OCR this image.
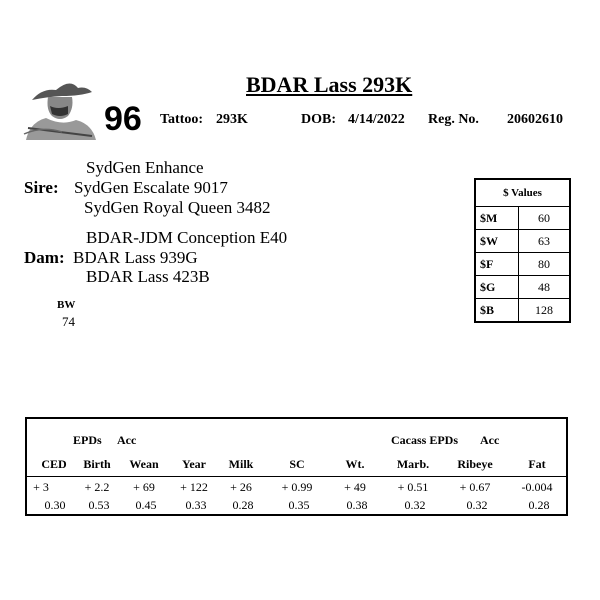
96
BDAR Lass 293K
Tattoo: 293K	DOB: 4/14/2022 Reg. No. 20602610
SydGen Enhance
Sire: SydGen Escalate 9017
SydGen Royal Queen 3482
BDAR-JDM Conception E40
Dam: BDAR Lass 939G
BDAR Lass 423B
BW
74
$ Values	
$M	60
$W	63
$F	80
$G	48
$B	128
EPDs Acc	Cacass EPDs Acc
CED Birth Wean Year Milk	SC	Wt.	Marb. Ribeye	Fat
+ 3	+ 2.2 + 69 + 122 + 26 + 0.99	+ 49	+ 0.51	+ 0.67	-0.004
0.30 0.53 0.45 0.33 0.28	0.35	0.38	0.32	0.32	0.28
